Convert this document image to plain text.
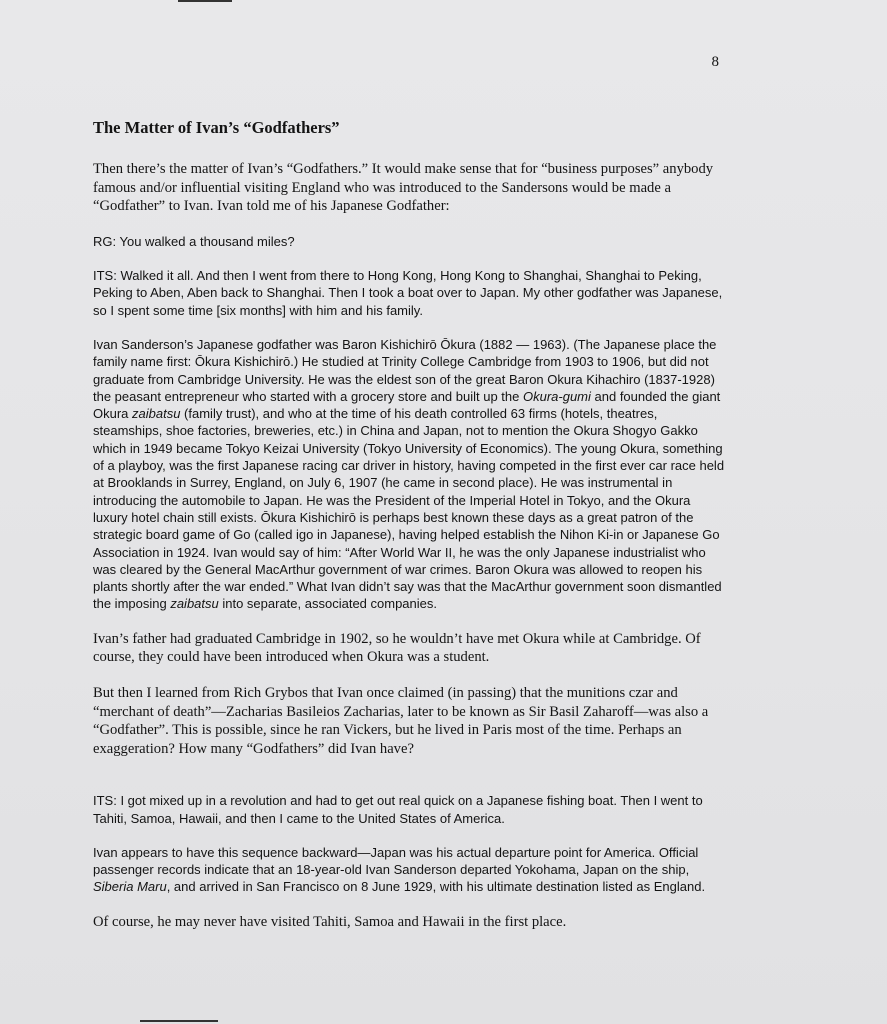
8
The Matter of Ivan’s “Godfathers”

Then there’s the matter of Ivan’s “Godfathers.” It would make sense that for “business purposes” anybody famous and/or influential visiting England who was introduced to the Sandersons would be made a “Godfather” to Ivan. Ivan told me of his Japanese Godfather:

RG: You walked a thousand miles?

ITS: Walked it all. And then I went from there to Hong Kong, Hong Kong to Shanghai, Shanghai to Peking, Peking to Aben, Aben back to Shanghai. Then I took a boat over to Japan. My other godfather was Japanese, so I spent some time [six months] with him and his family.

Ivan Sanderson’s Japanese godfather was Baron Kishichirō Ōkura (1882 — 1963). (The Japanese place the family name first: Ōkura Kishichirō.) He studied at Trinity College Cambridge from 1903 to 1906, but did not graduate from Cambridge University. He was the eldest son of the great Baron Okura Kihachiro (1837-1928) the peasant entrepreneur who started with a grocery store and built up the Okura-gumi and founded the giant Okura zaibatsu (family trust), and who at the time of his death controlled 63 firms (hotels, theatres, steamships, shoe factories, breweries, etc.) in China and Japan, not to mention the Okura Shogyo Gakko which in 1949 became Tokyo Keizai University (Tokyo University of Economics). The young Okura, something of a playboy, was the first Japanese racing car driver in history, having competed in the first ever car race held at Brooklands in Surrey, England, on July 6, 1907 (he came in second place). He was instrumental in introducing the automobile to Japan. He was the President of the Imperial Hotel in Tokyo, and the Okura luxury hotel chain still exists. Ōkura Kishichirō is perhaps best known these days as a great patron of the strategic board game of Go (called igo in Japanese), having helped establish the Nihon Ki-in or Japanese Go Association in 1924. Ivan would say of him: “After World War II, he was the only Japanese industrialist who was cleared by the General MacArthur government of war crimes. Baron Okura was allowed to reopen his plants shortly after the war ended.” What Ivan didn’t say was that the MacArthur government soon dismantled the imposing zaibatsu into separate, associated companies.

Ivan’s father had graduated Cambridge in 1902, so he wouldn’t have met Okura while at Cambridge. Of course, they could have been introduced when Okura was a student.

But then I learned from Rich Grybos that Ivan once claimed (in passing) that the munitions czar and “merchant of death”—Zacharias Basileios Zacharias, later to be known as Sir Basil Zaharoff—was also a “Godfather”. This is possible, since he ran Vickers, but he lived in Paris most of the time. Perhaps an exaggeration? How many “Godfathers” did Ivan have?

ITS: I got mixed up in a revolution and had to get out real quick on a Japanese fishing boat. Then I went to Tahiti, Samoa, Hawaii, and then I came to the United States of America.

Ivan appears to have this sequence backward—Japan was his actual departure point for America. Official passenger records indicate that an 18-year-old Ivan Sanderson departed Yokohama, Japan on the ship, Siberia Maru, and arrived in San Francisco on 8 June 1929, with his ultimate destination listed as England.

Of course, he may never have visited Tahiti, Samoa and Hawaii in the first place.
